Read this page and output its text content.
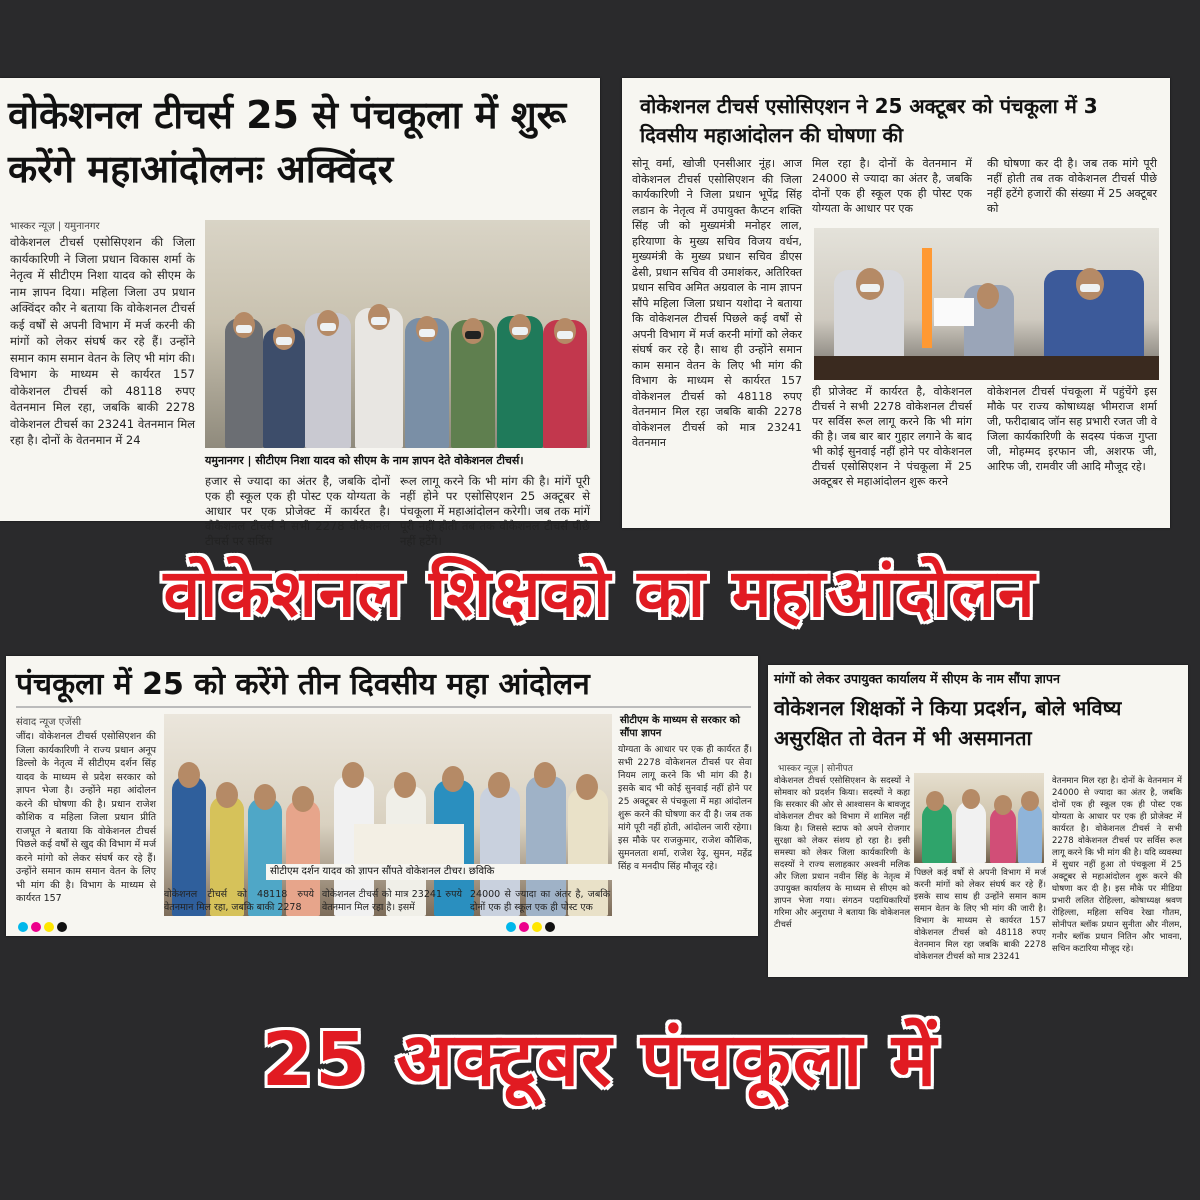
वोकेशनल टीचर्स 25 से पंचकूला में शुरू करेंगे महाआंदोलनः अक्विंदर
भास्कर न्यूज़ | यमुनानगर
वोकेशनल टीचर्स एसोसिएशन की जिला कार्यकारिणी ने जिला प्रधान विकास शर्मा के नेतृत्व में सीटीएम निशा यादव को सीएम के नाम ज्ञापन दिया। महिला जिला उप प्रधान अक्विंदर कौर ने बताया कि वोकेशनल टीचर्स कई वर्षों से अपनी विभाग में मर्ज करनी की मांगों को लेकर संघर्ष कर रहे हैं। उन्होंने समान काम समान वेतन के लिए भी मांग की। विभाग के माध्यम से कार्यरत 157 वोकेशनल टीचर्स को 48118 रुपए वेतनमान मिल रहा, जबकि बाकी 2278 वोकेशनल टीचर्स का 23241 वेतनमान मिल रहा है। दोनों के वेतनमान में 24
यमुनानगर | सीटीएम निशा यादव को सीएम के नाम ज्ञापन देते वोकेशनल टीचर्स।
हजार से ज्यादा का अंतर है, जबकि दोनों एक ही स्कूल एक ही पोस्ट एक योग्यता के आधार पर एक प्रोजेक्ट में कार्यरत है। वोकेशनल टीचर्स ने सभी 2278 वोकेशनल टीचर्स पर सर्विस
रूल लागू करने कि भी मांग की है। मांगें पूरी नहीं होने पर एसोसिएशन 25 अक्टूबर से पंचकूला में महाआंदोलन करेगी। जब तक मांगें पूरी नहीं होती तब तक वोकेशनल टीचर्स पीछे नहीं हटेंगे।
वोकेशनल टीचर्स एसोसिएशन ने 25 अक्टूबर को पंचकूला में 3 दिवसीय महाआंदोलन की घोषणा की
सोनू वर्मा, खोजी एनसीआर नूंह। आज वोकेशनल टीचर्स एसोसिएशन की जिला कार्यकारिणी ने जिला प्रधान भूपेंद्र सिंह लडान के नेतृत्व में उपायुक्त कैप्टन शक्ति सिंह जी को मुख्यमंत्री मनोहर लाल, हरियाणा के मुख्य सचिव विजय वर्धन, मुख्यमंत्री के मुख्य प्रधान सचिव डीएस ढेसी, प्रधान सचिव वी उमाशंकर, अतिरिक्त प्रधान सचिव अमित अग्रवाल के नाम ज्ञापन सौंपे महिला जिला प्रधान यशोदा ने बताया कि वोकेशनल टीचर्स पिछले कई वर्षों से अपनी विभाग में मर्ज करनी मांगों को लेकर संघर्ष कर रहे है। साथ ही उन्होंने समान काम समान वेतन के लिए भी मांग की विभाग के माध्यम से कार्यरत 157 वोकेशनल टीचर्स को 48118 रुपए वेतनमान मिल रहा जबकि बाकी 2278 वोकेशनल टीचर्स को मात्र 23241 वेतनमान
मिल रहा है। दोनों के वेतनमान में 24000 से ज्यादा का अंतर है, जबकि दोनों एक ही स्कूल एक ही पोस्ट एक योग्यता के आधार पर एक
की घोषणा कर दी है। जब तक मांगे पूरी नहीं होती तब तक वोकेशनल टीचर्स पीछे नहीं हटेंगे हजारों की संख्या में 25 अक्टूबर को
ही प्रोजेक्ट में कार्यरत है, वोकेशनल टीचर्स ने सभी 2278 वोकेशनल टीचर्स पर सर्विस रूल लागू करने कि भी मांग की है। जब बार बार गुहार लगाने के बाद भी कोई सुनवाई नहीं होने पर वोकेशनल टीचर्स एसोसिएशन ने पंचकूला में 25 अक्टूबर से महाआंदोलन शुरू करने
वोकेशनल टीचर्स पंचकूला में पहुंचेंगे इस मौके पर राज्य कोषाध्यक्ष भीमराज शर्मा जी, फरीदाबाद जॉन सह प्रभारी रजत जी वे जिला कार्यकारिणी के सदस्य पंकज गुप्ता जी, मोहम्मद इरफान जी, अशरफ जी, आरिफ जी, रामवीर जी आदि मौजूद रहे।
वोकेशनल शिक्षको का महाआंदोलन
पंचकूला में 25 को करेंगे तीन दिवसीय महा आंदोलन
संवाद न्यूज एजेंसी
जींद। वोकेशनल टीचर्स एसोसिएशन की जिला कार्यकारिणी ने राज्य प्रधान अनूप डिल्लो के नेतृत्व में सीटीएम दर्शन सिंह यादव के माध्यम से प्रदेश सरकार को ज्ञापन भेजा है। उन्होंने महा आंदोलन करने की घोषणा की है। प्रधान राजेश कौशिक व महिला जिला प्रधान प्रीति राजपूत ने बताया कि वोकेशनल टीचर्स पिछले कई वर्षों से खुद की विभाग में मर्ज करने मांगो को लेकर संघर्ष कर रहे हैं। उन्होंने समान काम समान वेतन के लिए भी मांग की है। विभाग के माध्यम से कार्यरत 157
सीटीएम दर्शन यादव को ज्ञापन सौंपते वोकेशनल टीचर। छविकि
सीटीएम के माध्यम से सरकार को सौंपा ज्ञापन
योग्यता के आधार पर एक ही कार्यरत हैं। सभी 2278 वोकेशनल टीचर्स पर सेवा नियम लागू करने कि भी मांग की है। इसके बाद भी कोई सुनवाई नहीं होने पर 25 अक्टूबर से पंचकूला में महा आंदोलन शुरू करने की घोषणा कर दी है। जब तक मांगे पूरी नहीं होती, आंदोलन जारी रहेगा। इस मौके पर राजकुमार, राजेश कौशिक, सुमनलता शर्मा, राजेश रेढ़ु, सुमन, महेंद्र सिंह व मनदीप सिंह मौजूद रहे।
वोकेशनल टीचर्स को 48118 रुपये वेतनमान मिल रहा, जबकि बाकी 2278
वोकेशनल टीचर्स को मात्र 23241 रुपये वेतनमान मिल रहा है। इसमें
24000 से ज्यादा का अंतर है, जबकि दोनों एक ही स्कूल एक ही पोस्ट एक
मांगों को लेकर उपायुक्त कार्यालय में सीएम के नाम सौंपा ज्ञापन
वोकेशनल शिक्षकों ने किया प्रदर्शन, बोले भविष्य असुरक्षित तो वेतन में भी असमानता
भास्कर न्यूज़ | सोनीपत
वोकेशनल टीचर्स एसोसिएशन के सदस्यों ने सोमवार को प्रदर्शन किया। सदस्यों ने कहा कि सरकार की ओर से आश्वासन के बावजूद वोकेशनल टीचर को विभाग में शामिल नहीं किया है। जिससे स्टाफ को अपने रोजगार सुरक्षा को लेकर संशय हो रहा है। इसी समस्या को लेकर जिला कार्यकारिणी के सदस्यों ने राज्य सलाहकार अश्वनी मलिक और जिला प्रधान नवीन सिंह के नेतृत्व में उपायुक्त कार्यालय के माध्यम से सीएम को ज्ञापन भेजा गया। संगठन पदाधिकारियों गरिमा और अनुराधा ने बताया कि वोकेशनल टीचर्स
पिछले कई वर्षों से अपनी विभाग में मर्ज करनी मांगों को लेकर संघर्ष कर रहे हैं। इसके साथ साथ ही उन्होंने समान काम समान वेतन के लिए भी मांग की जारी है। विभाग के माध्यम से कार्यरत 157 वोकेशनल टीचर्स को 48118 रुपए वेतनमान मिल रहा जबकि बाकी 2278 वोकेशनल टीचर्स को मात्र 23241
वेतनमान मिल रहा है। दोनों के वेतनमान में 24000 से ज्यादा का अंतर है, जबकि दोनों एक ही स्कूल एक ही पोस्ट एक योग्यता के आधार पर एक ही प्रोजेक्ट में कार्यरत है। वोकेशनल टीचर्स ने सभी 2278 वोकेशनल टीचर्स पर सर्विस रूल लागू करने कि भी मांग की है। यदि व्यवस्था में सुधार नहीं हुआ तो पंचकूला में 25 अक्टूबर से महाआंदोलन शुरू करने की घोषणा कर दी है। इस मौके पर मीडिया प्रभारी ललित रोहिल्ला, कोषाध्यक्ष श्रवण रोहिल्ला, महिला सचिव रेखा गौतम, सोनीपत ब्लॉक प्रधान सुनीता और नीलम, गनौर ब्लॉक प्रधान नितिन और भावना, सचिन कटारिया मौजूद रहे।
25 अक्टूबर पंचकूला में
